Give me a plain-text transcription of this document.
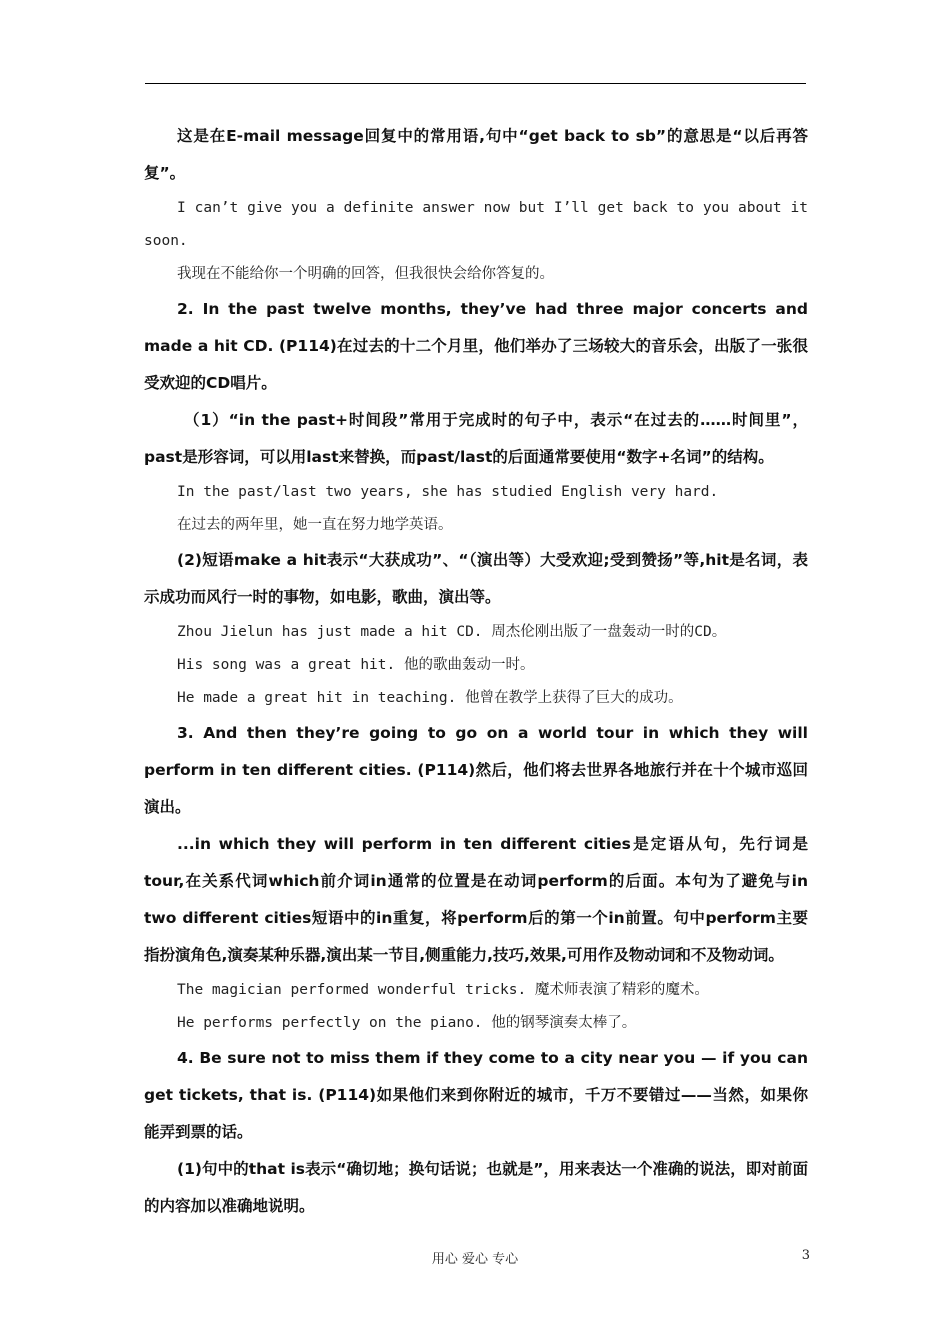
这是在E-mail message回复中的常用语,句中“get back to sb”的意思是“以后再答复”。

I can’t give you a definite answer now but I’ll get back to you about it soon.

我现在不能给你一个明确的回答，但我很快会给你答复的。

2. In the past twelve months, they’ve had three major concerts and made a hit CD. (P114)在过去的十二个月里，他们举办了三场较大的音乐会，出版了一张很受欢迎的CD唱片。

（1）“in the past+时间段”常用于完成时的句子中，表示“在过去的……时间里”，past是形容词，可以用last来替换，而past/last的后面通常要使用“数字+名词”的结构。

In the past/last two years, she has studied English very hard.

在过去的两年里，她一直在努力地学英语。

(2)短语make a hit表示“大获成功”、“（演出等）大受欢迎;受到赞扬”等,hit是名词，表示成功而风行一时的事物，如电影，歌曲，演出等。

Zhou Jielun has just made a hit CD. 周杰伦刚出版了一盘轰动一时的CD。

His song was a great hit. 他的歌曲轰动一时。

He made a great hit in teaching. 他曾在教学上获得了巨大的成功。

3. And then they’re going to go on a world tour in which they will perform in ten different cities. (P114)然后，他们将去世界各地旅行并在十个城市巡回演出。

...in which they will perform in ten different cities是定语从句，先行词是tour,在关系代词which前介词in通常的位置是在动词perform的后面。本句为了避免与in two different cities短语中的in重复，将perform后的第一个in前置。句中perform主要指扮演角色,演奏某种乐器,演出某一节目,侧重能力,技巧,效果,可用作及物动词和不及物动词。

The magician performed wonderful tricks. 魔术师表演了精彩的魔术。

He performs perfectly on the piano. 他的钢琴演奏太棒了。

4. Be sure not to miss them if they come to a city near you — if you can get tickets, that is. (P114)如果他们来到你附近的城市，千万不要错过——当然，如果你能弄到票的话。

(1)句中的that is表示“确切地；换句话说；也就是”，用来表达一个准确的说法，即对前面的内容加以准确地说明。

用心 爱心 专心	3
